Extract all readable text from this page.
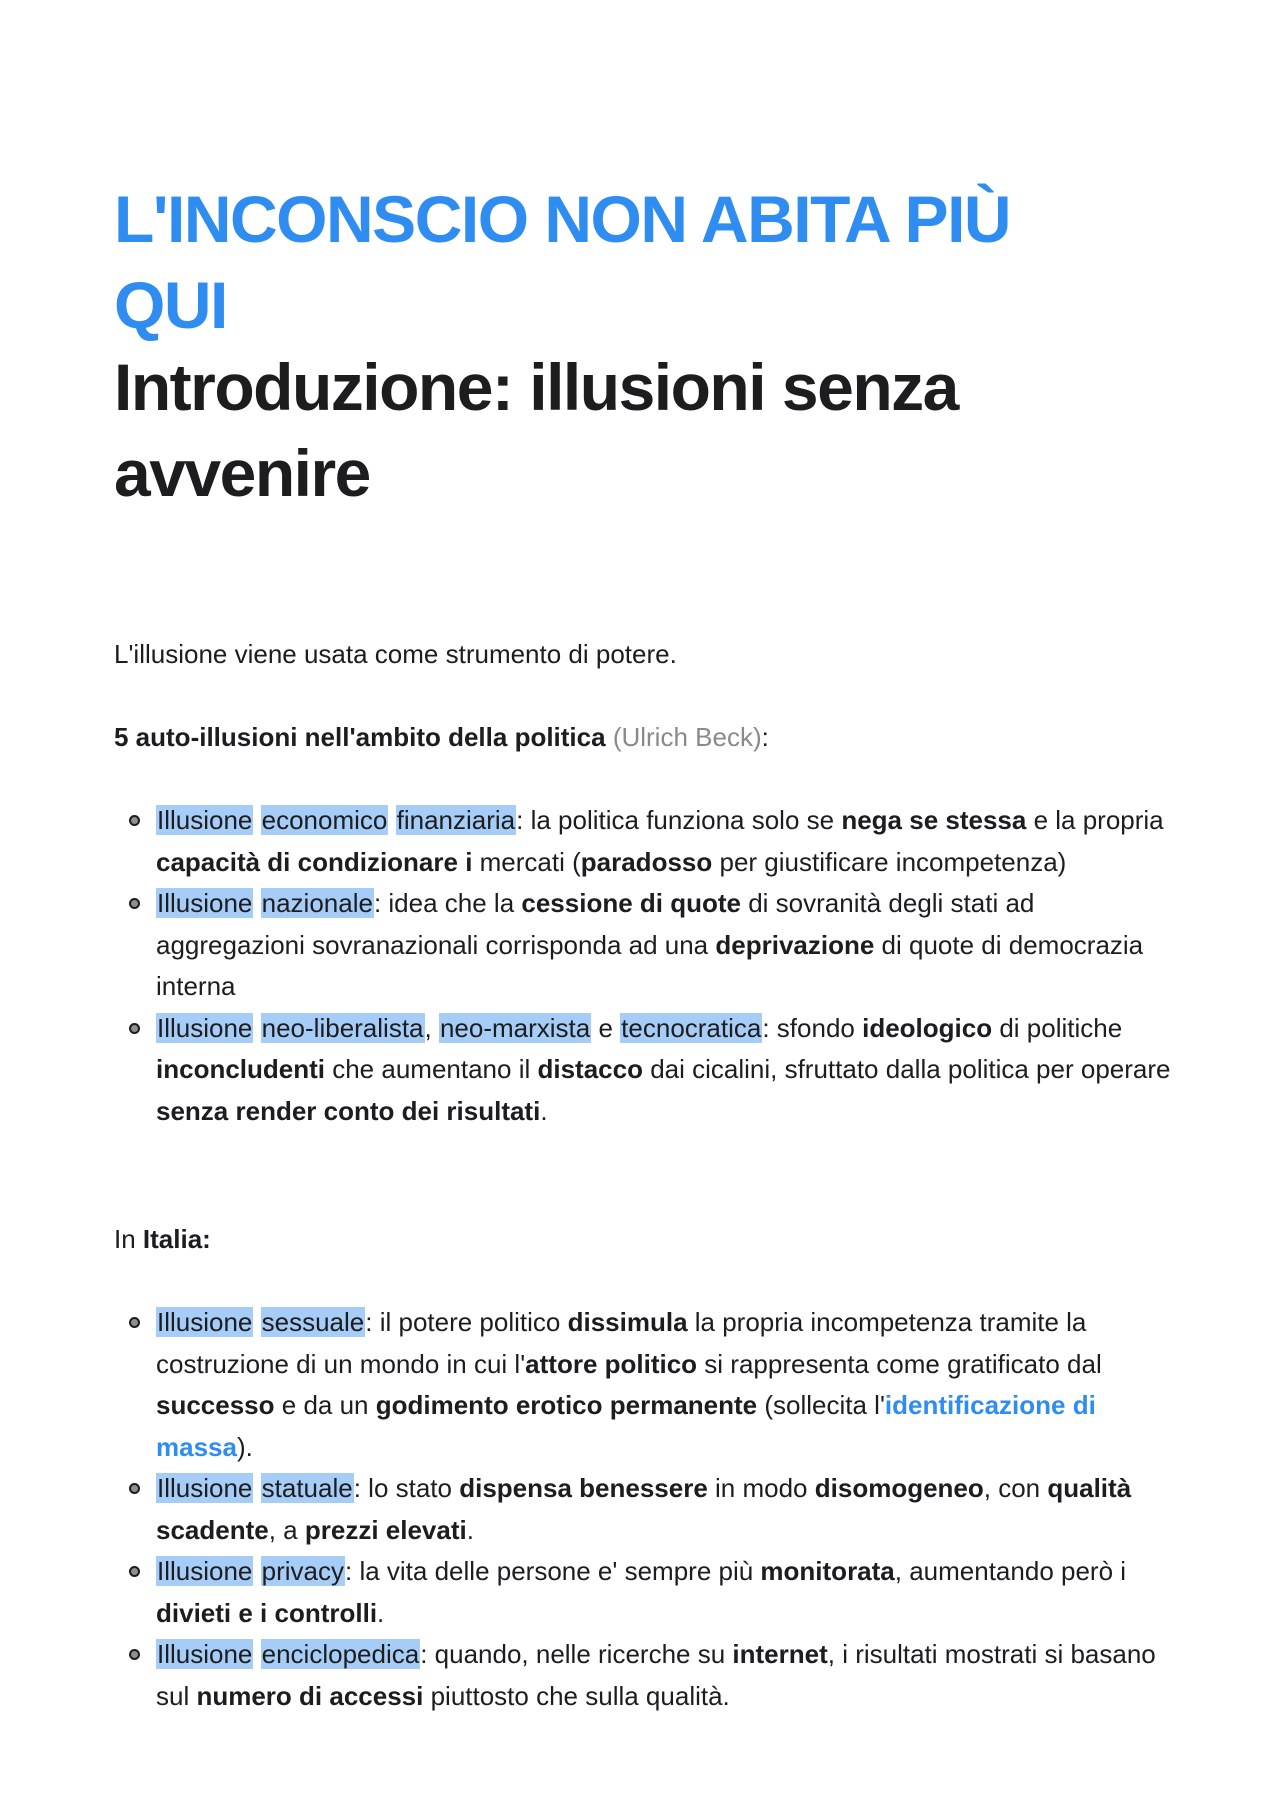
L'INCONSCIO NON ABITA PIÙ QUI
Introduzione: illusioni senza avvenire

L'illusione viene usata come strumento di potere.

5 auto-illusioni nell'ambito della politica (Ulrich Beck):

Illusione economico finanziaria: la politica funziona solo se nega se stessa e la propria capacità di condizionare i mercati (paradosso per giustificare incompetenza)
Illusione nazionale: idea che la cessione di quote di sovranità degli stati ad aggregazioni sovranazionali corrisponda ad una deprivazione di quote di democrazia interna
Illusione neo-liberalista, neo-marxista e tecnocratica: sfondo ideologico di politiche inconcludenti che aumentano il distacco dai cicalini, sfruttato dalla politica per operare senza render conto dei risultati.

In Italia:

Illusione sessuale: il potere politico dissimula la propria incompetenza tramite la costruzione di un mondo in cui l'attore politico si rappresenta come gratificato dal successo e da un godimento erotico permanente (sollecita l'identificazione di massa).
Illusione statuale: lo stato dispensa benessere in modo disomogeneo, con qualità scadente, a prezzi elevati.
Illusione privacy: la vita delle persone e' sempre più monitorata, aumentando però i divieti e i controlli.
Illusione enciclopedica: quando, nelle ricerche su internet, i risultati mostrati si basano sul numero di accessi piuttosto che sulla qualità.
